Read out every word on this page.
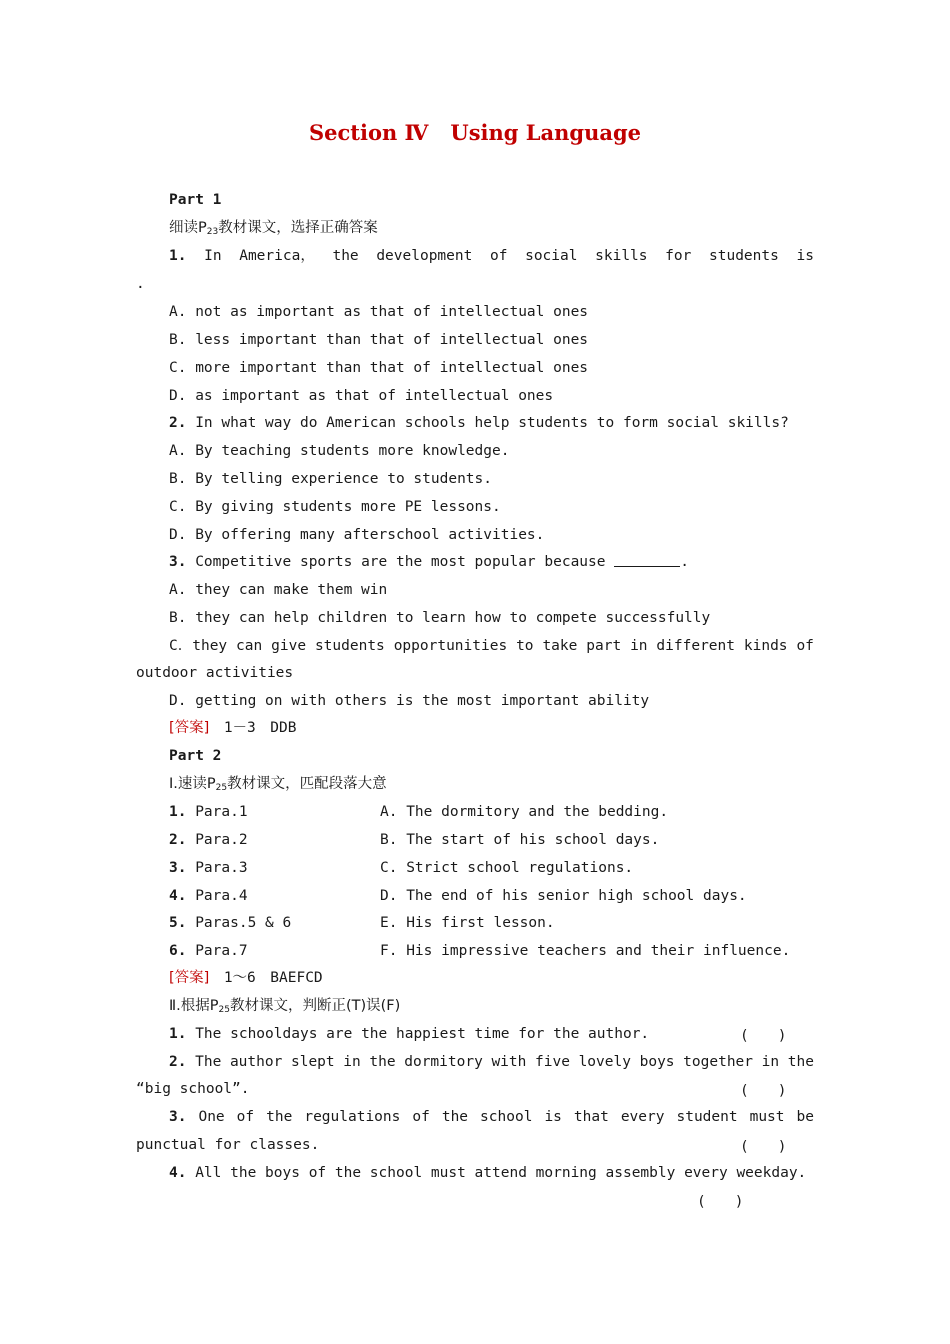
Section Ⅳ Using Language
Part 1
细读$P_{23}$教材课文，选择正确答案
1. In America， the development of social skills for students is
.
A. not as important as that of intellectual ones
B. less important than that of intellectual ones
C. more important than that of intellectual ones
D. as important as that of intellectual ones
2. In what way do American schools help students to form social skills?
A. By teaching students more knowledge.
B. By telling experience to students.
C. By giving students more PE lessons.
D. By offering many afterschool activities.
3. Competitive sports are the most popular because	.
A. they can make them win
B. they can help children to learn how to compete successfully
C．they can give students opportunities to take part in different kinds of
outdoor activities
D. getting on with others is the most important ability
[答案]　 1－3　DDB
Part 2
Ⅰ.速读$P_{25}$教材课文，匹配段落大意
1. Para.1	A. The dormitory and the bedding.
2. Para.2	B. The start of his school days.
3. Para.3	C. Strict school regulations.
4. Para.4	D. The end of his senior high school days.
5. Paras.5 & 6	E. His first lesson.
6. Para.7	F. His impressive teachers and their influence.
[答案]　 1～6　BAEFCD
Ⅱ.根据$P_{25}$教材课文，判断正(T)误(F)
1. The schooldays are the happiest time for the author.	(　　)
2. The author slept in the dormitory with five lovely boys together in the
“big school”.	(　　)
3. One of the regulations of the school is that every student must be
punctual for classes.	(　　)
4. All the boys of the school must attend morning assembly every weekday.
(　　)
